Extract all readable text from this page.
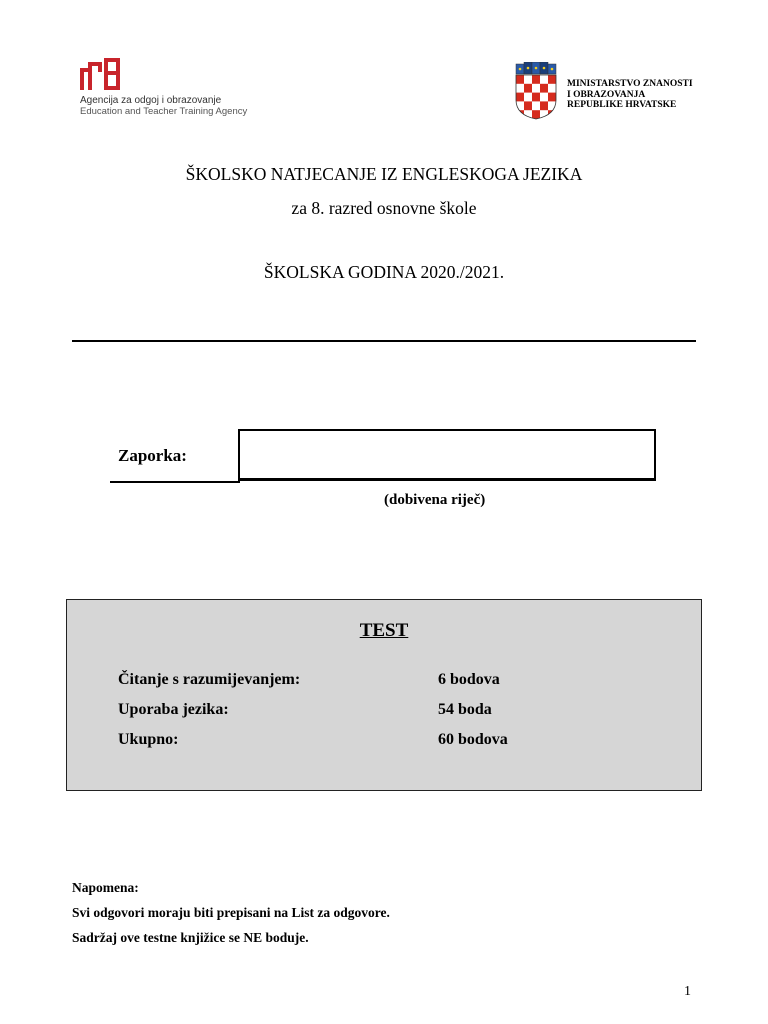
Agencija za odgoj i obrazovanje
Education and Teacher Training Agency
MINISTARSTVO ZNANOSTI
I OBRAZOVANJA
REPUBLIKE HRVATSKE
ŠKOLSKO NATJECANJE IZ ENGLESKOGA JEZIKA
za 8. razred osnovne škole
ŠKOLSKA GODINA 2020./2021.
Zaporka:
(dobivena riječ)
TEST
Čitanje s razumijevanjem:	6 bodova
Uporaba jezika:	54 boda
Ukupno:	60 bodova
Napomena:
Svi odgovori moraju biti prepisani na List za odgovore.
Sadržaj ove testne knjižice se NE boduje.
1
